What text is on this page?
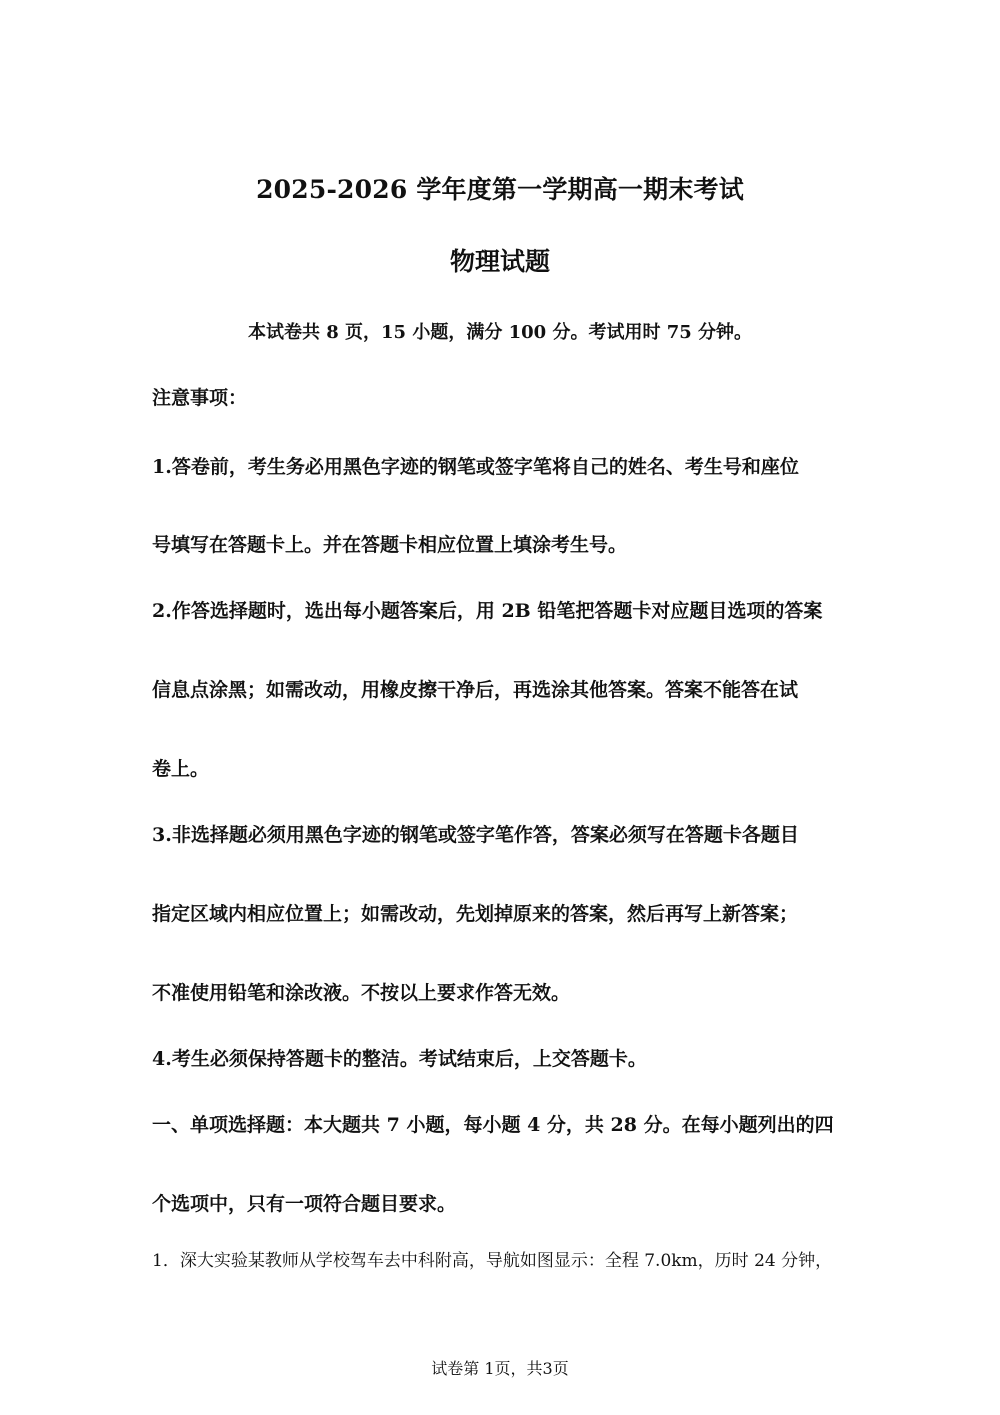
2025-2026 学年度第一学期高一期末考试
物理试题
本试卷共 8 页，15 小题，满分 100 分。考试用时 75 分钟。
注意事项：
1.答卷前，考生务必用黑色字迹的钢笔或签字笔将自己的姓名、考生号和座位
号填写在答题卡上。并在答题卡相应位置上填涂考生号。
2.作答选择题时，选出每小题答案后，用 2B 铅笔把答题卡对应题目选项的答案
信息点涂黑；如需改动，用橡皮擦干净后，再选涂其他答案。答案不能答在试
卷上。
3.非选择题必须用黑色字迹的钢笔或签字笔作答，答案必须写在答题卡各题目
指定区域内相应位置上；如需改动，先划掉原来的答案，然后再写上新答案；
不准使用铅笔和涂改液。不按以上要求作答无效。
4.考生必须保持答题卡的整洁。考试结束后，上交答题卡。
一、单项选择题：本大题共 7 小题，每小题 4 分，共 28 分。在每小题列出的四
个选项中，只有一项符合题目要求。
1．深大实验某教师从学校驾车去中科附高，导航如图显示：全程 7.0km，历时 24 分钟，
试卷第 1页，共3页
